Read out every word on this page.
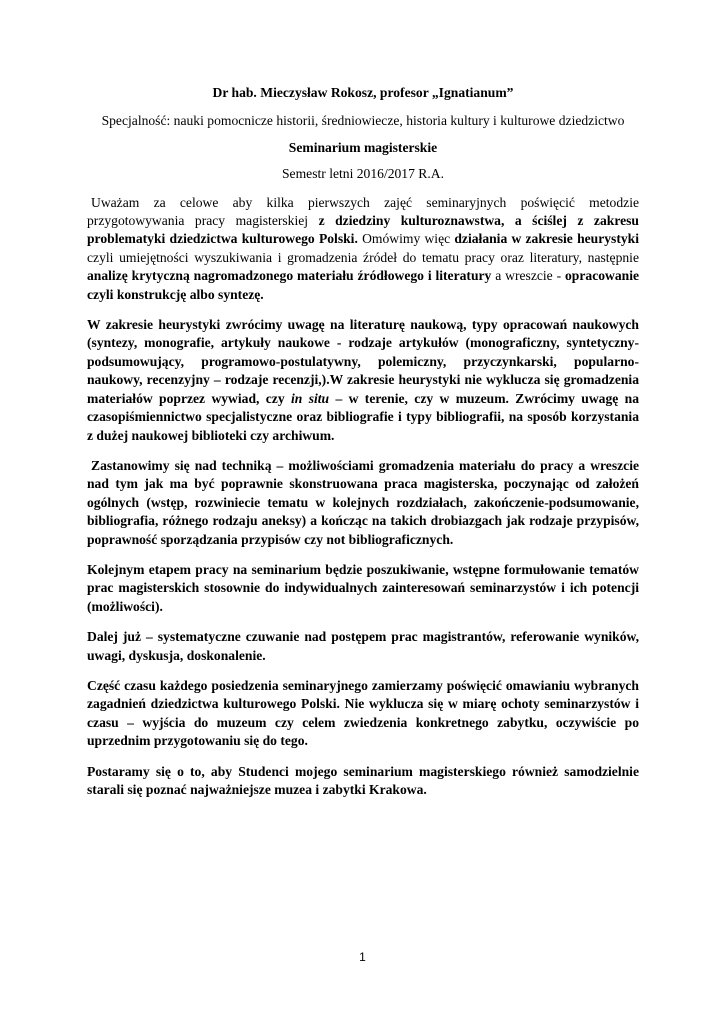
Dr hab. Mieczysław Rokosz, profesor „Ignatianum”
Specjalność: nauki pomocnicze historii, średniowiecze, historia kultury i kulturowe dziedzictwo
Seminarium magisterskie
Semestr letni 2016/2017 R.A.

Uważam za celowe aby kilka pierwszych zajęć seminaryjnych poświęcić metodzie przygotowywania pracy magisterskiej z dziedziny kulturoznawstwa, a ściślej z zakresu problematyki dziedzictwa kulturowego Polski. Omówimy więc działania w zakresie heurystyki czyli umiejętności wyszukiwania i gromadzenia źródeł do tematu pracy oraz literatury, następnie analizę krytyczną nagromadzonego materiału źródłowego i literatury a wreszcie - opracowanie czyli konstrukcję albo syntezę.

W zakresie heurystyki zwrócimy uwagę na literaturę naukową, typy opracowań naukowych (syntezy, monografie, artykuły naukowe - rodzaje artykułów (monograficzny, syntetyczny-podsumowujący, programowo-postulatywny, polemiczny, przyczynkarski, popularno-naukowy, recenzyjny – rodzaje recenzji,).W zakresie heurystyki nie wyklucza się gromadzenia materiałów poprzez wywiad, czy in situ – w terenie, czy w muzeum. Zwrócimy uwagę na czasopiśmiennictwo specjalistyczne oraz bibliografie i typy bibliografii, na sposób korzystania z dużej naukowej biblioteki czy archiwum.

Zastanowimy się nad techniką – możliwościami gromadzenia materiału do pracy a wreszcie nad tym jak ma być poprawnie skonstruowana praca magisterska, poczynając od założeń ogólnych (wstęp, rozwiniecie tematu w kolejnych rozdziałach, zakończenie-podsumowanie, bibliografia, różnego rodzaju aneksy) a kończąc na takich drobiazgach jak rodzaje przypisów, poprawność sporządzania przypisów czy not bibliograficznych.

Kolejnym etapem pracy na seminarium będzie poszukiwanie, wstępne formułowanie tematów prac magisterskich stosownie do indywidualnych zainteresowań seminarzystów i ich potencji (możliwości).

Dalej już – systematyczne czuwanie nad postępem prac magistrantów, referowanie wyników, uwagi, dyskusja, doskonalenie.

Część czasu każdego posiedzenia seminaryjnego zamierzamy poświęcić omawianiu wybranych zagadnień dziedzictwa kulturowego Polski. Nie wyklucza się w miarę ochoty seminarzystów i czasu – wyjścia do muzeum czy celem zwiedzenia konkretnego zabytku, oczywiście po uprzednim przygotowaniu się do tego.

Postaramy się o to, aby Studenci mojego seminarium magisterskiego również samodzielnie starali się poznać najważniejsze muzea i zabytki Krakowa.

1
